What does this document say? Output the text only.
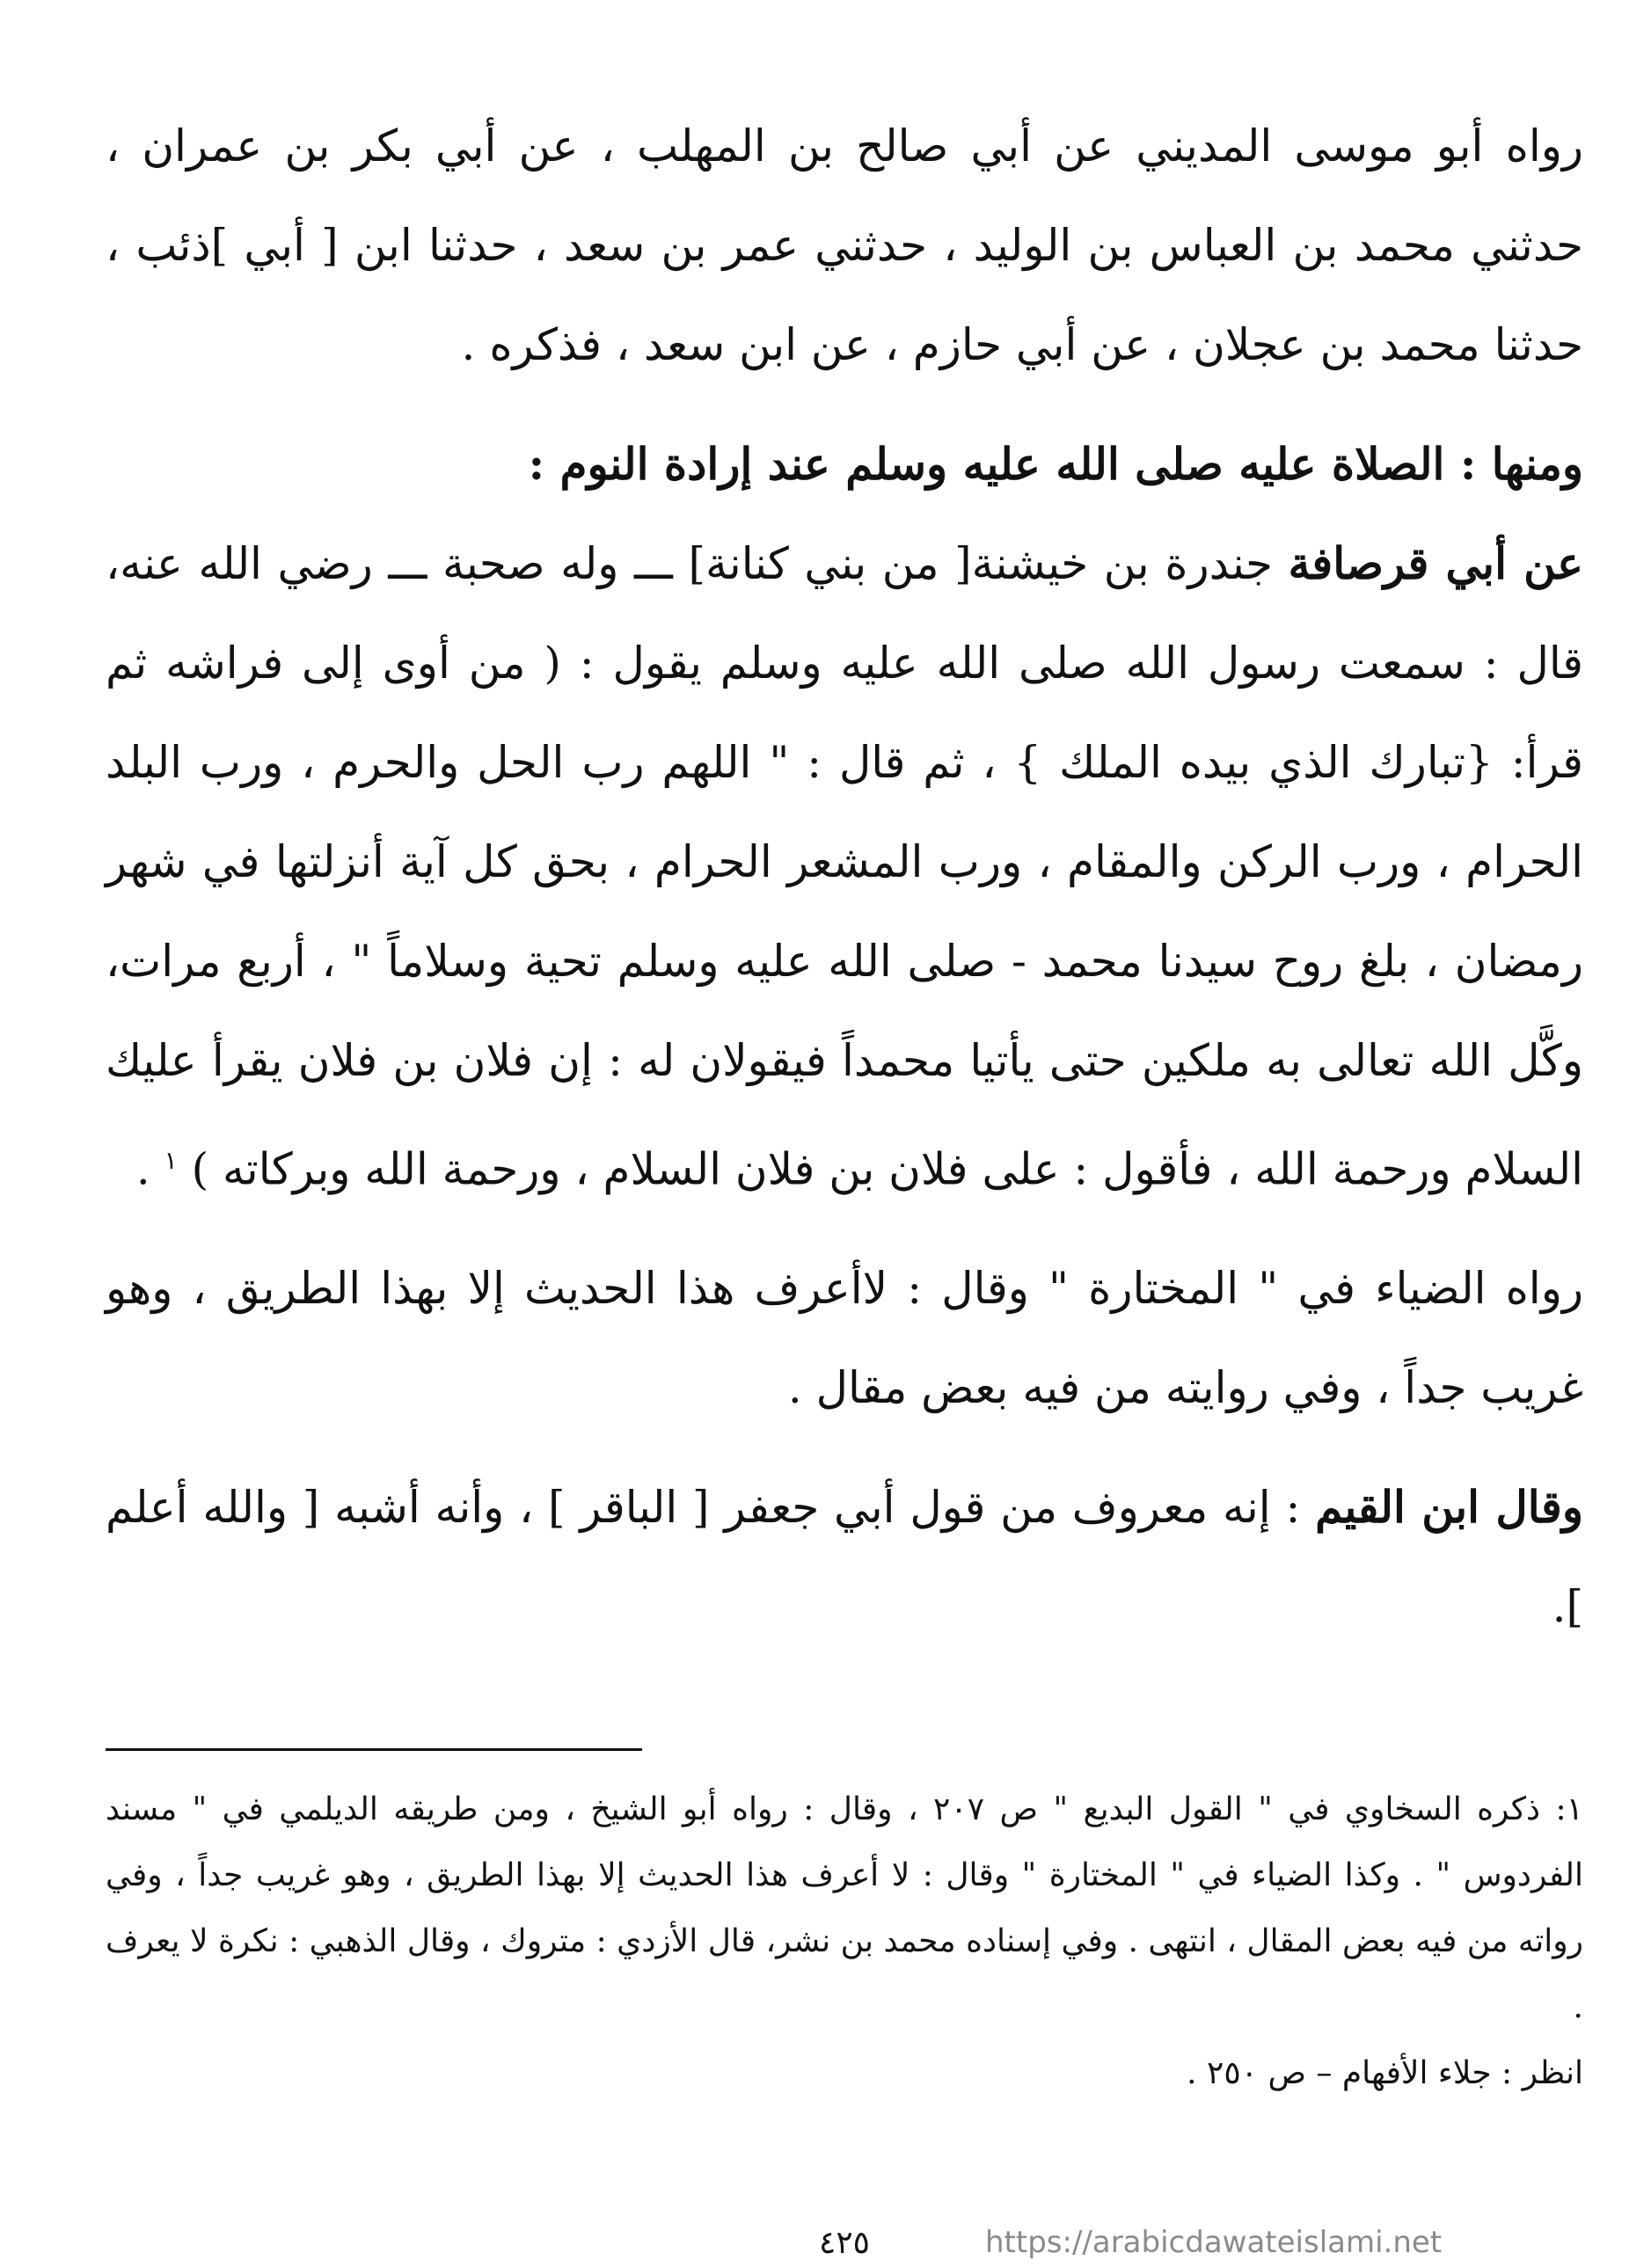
رواه أبو موسى المديني عن أبي صالح بن المهلب ، عن أبي بكر بن عمران ، حدثني محمد بن العباس بن الوليد ، حدثني عمر بن سعد ، حدثنا ابن [ أبي ]ذئب ، حدثنا محمد بن عجلان ، عن أبي حازم ، عن ابن سعد ، فذكره .

ومنها : الصلاة عليه صلى الله عليه وسلم عند إرادة النوم :

عن أبي قرصافة جندرة بن خيشنة[ من بني كنانة] ـــ وله صحبة ـــ رضي الله عنه، قال : سمعت رسول الله صلى الله عليه وسلم يقول : ( من أوى إلى فراشه ثم قرأ: {تبارك الذي بيده الملك } ، ثم قال : " اللهم رب الحل والحرم ، ورب البلد الحرام ، ورب الركن والمقام ، ورب المشعر الحرام ، بحق كل آية أنزلتها في شهر رمضان ، بلغ روح سيدنا محمد - صلى الله عليه وسلم تحية وسلاماً " ، أربع مرات، وكَّل الله تعالى به ملكين حتى يأتيا محمداً فيقولان له : إن فلان بن فلان يقرأ عليك السلام ورحمة الله ، فأقول : على فلان بن فلان السلام ، ورحمة الله وبركاته ) $^١$ .

رواه الضياء في " المختارة " وقال : لاأعرف هذا الحديث إلا بهذا الطريق ، وهو غريب جداً ، وفي روايته من فيه بعض مقال .

وقال ابن القيم : إنه معروف من قول أبي جعفر [ الباقر ] ، وأنه أشبه [ والله أعلم ].

١: ذكره السخاوي في " القول البديع " ص ٢٠٧ ، وقال : رواه أبو الشيخ ، ومن طريقه الديلمي في " مسند الفردوس " . وكذا الضياء في " المختارة " وقال : لا أعرف هذا الحديث إلا بهذا الطريق ، وهو غريب جداً ، وفي رواته من فيه بعض المقال ، انتهى . وفي إسناده محمد بن نشر، قال الأزدي : متروك ، وقال الذهبي : نكرة لا يعرف .

انظر : جلاء الأفهام – ص ٢٥٠ .

٤٢٥	https://arabicdawateislami.net
